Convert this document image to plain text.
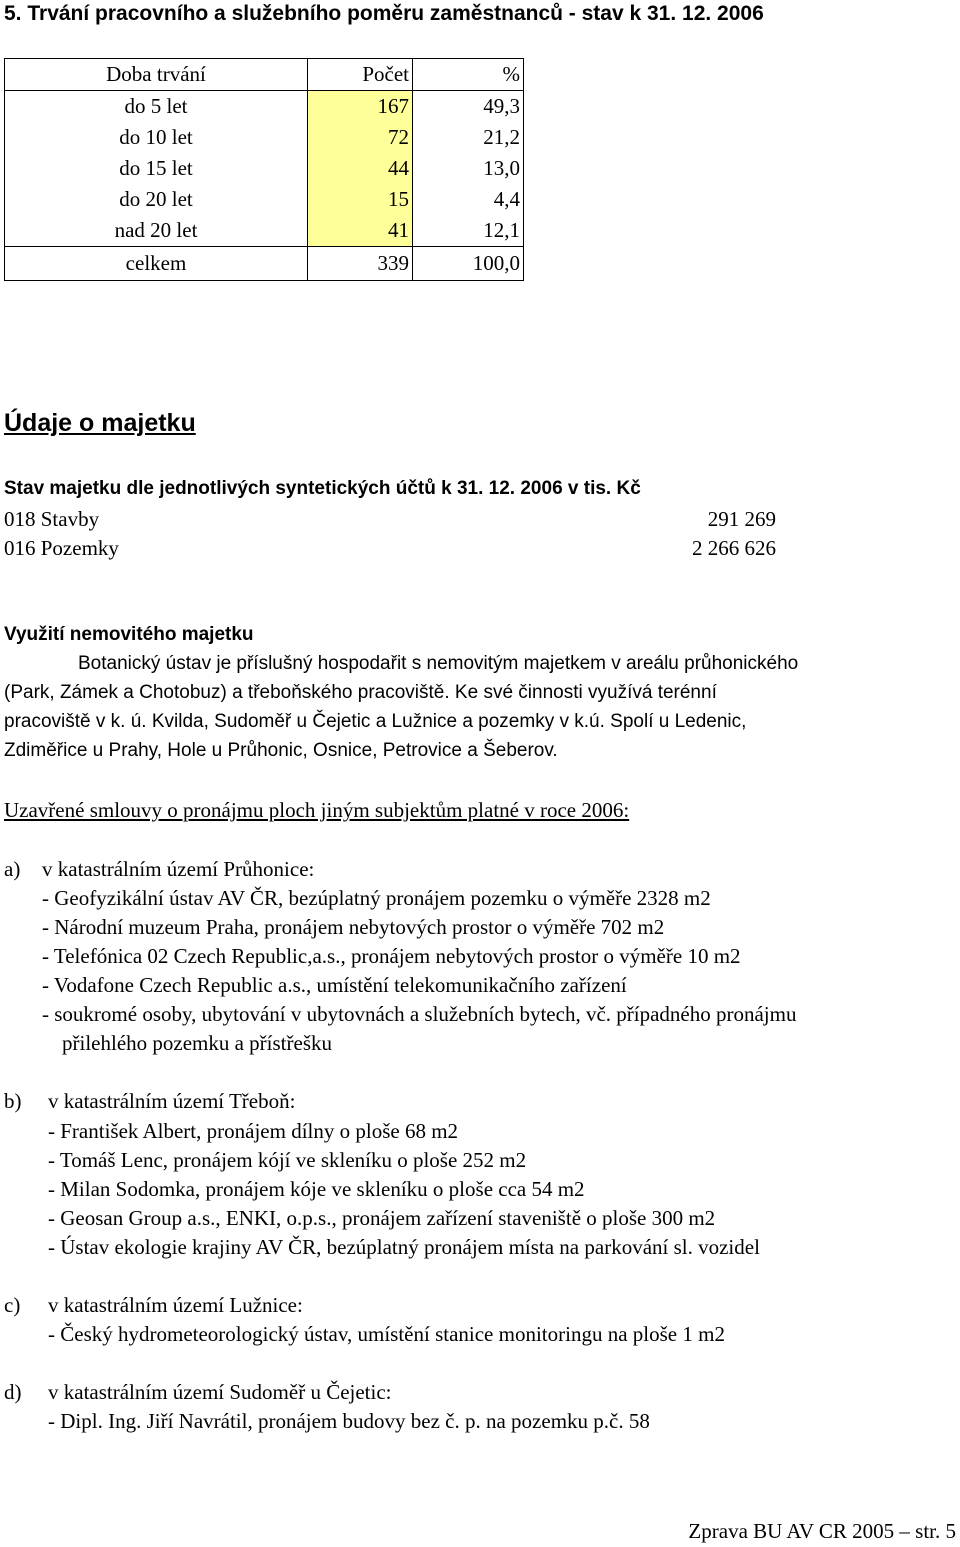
5. Trvání pracovního a služebního poměru zaměstnanců - stav k 31. 12. 2006
Doba trvání	Počet	%
do 5 let	167	49,3
do 10 let	72	21,2
do 15 let	44	13,0
do 20 let	15	4,4
nad 20 let	41	12,1
celkem	339	100,0
Údaje o majetku
Stav majetku dle jednotlivých syntetických účtů k 31. 12. 2006 v tis. Kč
018 Stavby	291 269
016 Pozemky	2 266 626
Využití nemovitého majetku
Botanický ústav je příslušný hospodařit s nemovitým majetkem v areálu průhonického
(Park, Zámek a Chotobuz) a třeboňského pracoviště. Ke své činnosti využívá terénní
pracoviště v k. ú. Kvilda, Sudoměř u Čejetic a Lužnice a pozemky v k.ú. Spolí u Ledenic,
Zdiměřice u Prahy, Hole u Průhonic, Osnice, Petrovice a Šeberov.
Uzavřené smlouvy o pronájmu ploch jiným subjektům platné v roce 2006:
a) v katastrálním území Průhonice:
- Geofyzikální ústav AV ČR, bezúplatný pronájem pozemku o výměře 2328 m2
- Národní muzeum Praha, pronájem nebytových prostor o výměře 702 m2
- Telefónica 02 Czech Republic,a.s., pronájem nebytových prostor o výměře 10 m2
- Vodafone Czech Republic a.s., umístění telekomunikačního zařízení
- soukromé osoby, ubytování v ubytovnách a služebních bytech, vč. případného pronájmu
přilehlého pozemku a přístřešku
b) v katastrálním území Třeboň:
- František Albert, pronájem dílny o ploše 68 m2
- Tomáš Lenc, pronájem kójí ve skleníku o ploše 252 m2
- Milan Sodomka, pronájem kóje ve skleníku o ploše cca 54 m2
- Geosan Group a.s., ENKI, o.p.s., pronájem zařízení staveniště o ploše 300 m2
- Ústav ekologie krajiny AV ČR, bezúplatný pronájem místa na parkování sl. vozidel
c) v katastrálním území Lužnice:
- Český hydrometeorologický ústav, umístění stanice monitoringu na ploše 1 m2
d) v katastrálním území Sudoměř u Čejetic:
- Dipl. Ing. Jiří Navrátil, pronájem budovy bez č. p. na pozemku p.č. 58
Zprava BU AV CR 2005 – str. 5
